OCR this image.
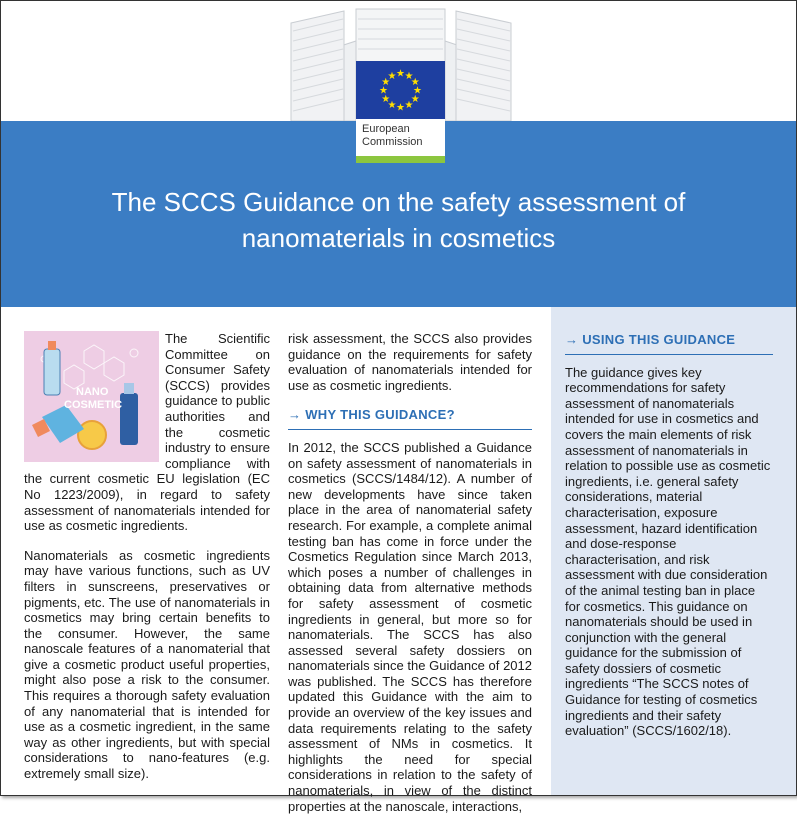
★ ★
★
★
★
★
★
★
★
★
★
★
European
Commission
The SCCS Guidance on the safety assessment of
nanomaterials in cosmetics
NANO
COSMETIC

The Scientific Committee on Consumer Safety (SCCS) provides guidance to public authorities and the cosmetic industry to ensure compliance with the current cosmetic EU legislation (EC No 1223/2009), in regard to safety assessment of nanomaterials intended for use as cosmetic ingredients.

Nanomaterials as cosmetic ingredients may have various functions, such as UV filters in sunscreens, preservatives or pigments, etc. The use of nanomaterials in cosmetics may bring certain benefits to the consumer. However, the same nanoscale features of a nanomaterial that give a cosmetic product useful properties, might also pose a risk to the consumer. This requires a thorough safety evaluation of any nanomaterial that is intended for use as a cosmetic ingredient, in the same way as other ingredients, but with special considerations to nano-features (e.g. extremely small size).

risk assessment, the SCCS also provides guidance on the requirements for safety evaluation of nanomaterials intended for use as cosmetic ingredients.

→ WHY THIS GUIDANCE?

In 2012, the SCCS published a Guidance on safety assessment of nanomaterials in cosmetics (SCCS/1484/12). A number of new developments have since taken place in the area of nanomaterial safety research. For example, a complete animal testing ban has come in force under the Cosmetics Regulation since March 2013, which poses a number of challenges in obtaining data from alternative methods for safety assessment of cosmetic ingredients in general, but more so for nanomaterials. The SCCS has also assessed several safety dossiers on nanomaterials since the Guidance of 2012 was published. The SCCS has therefore updated this Guidance with the aim to provide an overview of the key issues and data requirements relating to the safety assessment of NMs in cosmetics. It highlights the need for special considerations in relation to the safety of nanomaterials, in view of the distinct properties at the nanoscale, interactions,

→ USING THIS GUIDANCE

The guidance gives key recommendations for safety assessment of nanomaterials intended for use in cosmetics and covers the main elements of risk assessment of nanomaterials in relation to possible use as cosmetic ingredients, i.e. general safety considerations, material characterisation, exposure assessment, hazard identification and dose-response characterisation, and risk assessment with due consideration of the animal testing ban in place for cosmetics. This guidance on nanomaterials should be used in conjunction with the general guidance for the submission of safety dossiers of cosmetic ingredients “The SCCS notes of Guidance for testing of cosmetics ingredients and their safety evaluation” (SCCS/1602/18).
